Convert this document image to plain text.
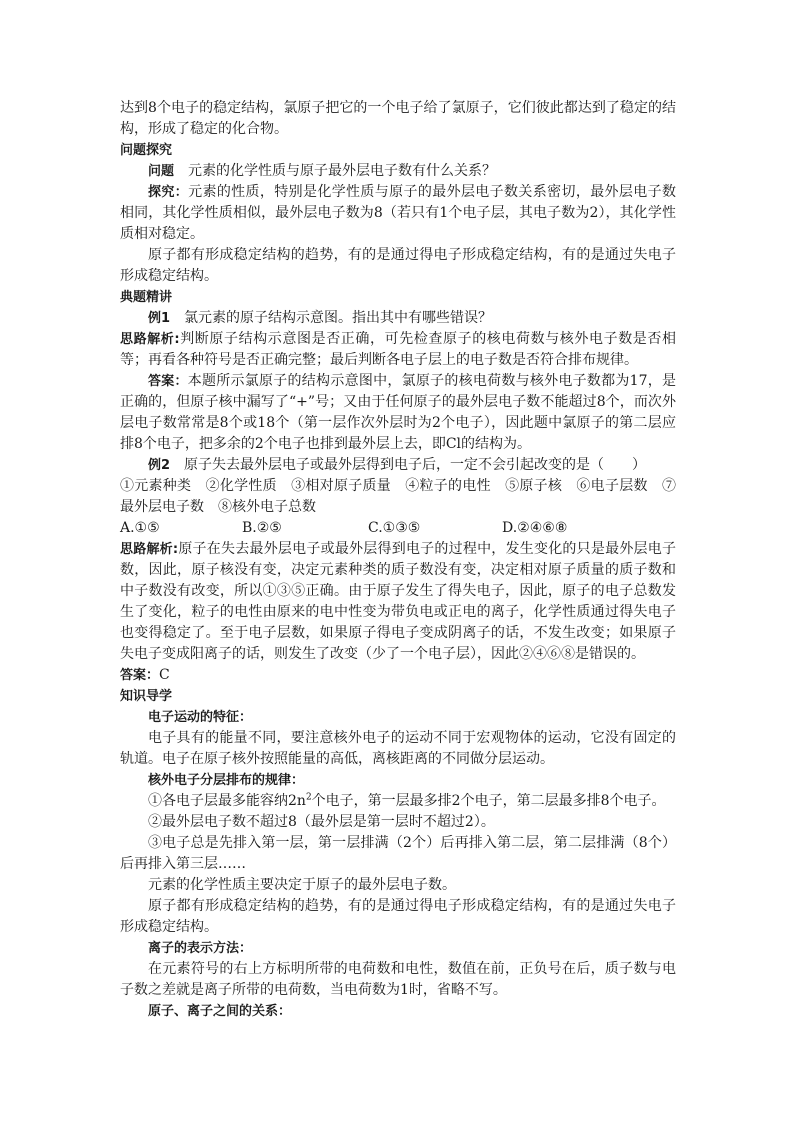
达到8个电子的稳定结构，氯原子把它的一个电子给了氯原子，它们彼此都达到了稳定的结构，形成了稳定的化合物。

问题探究

问题　 元素的化学性质与原子最外层电子数有什么关系？

探究：元素的性质，特别是化学性质与原子的最外层电子数关系密切，最外层电子数相同，其化学性质相似，最外层电子数为8（若只有1个电子层，其电子数为2），其化学性质相对稳定。

原子都有形成稳定结构的趋势，有的是通过得电子形成稳定结构，有的是通过失电子形成稳定结构。

典题精讲

例1　 氯元素的原子结构示意图。指出其中有哪些错误？

思路解析:判断原子结构示意图是否正确，可先检查原子的核电荷数与核外电子数是否相等；再看各种符号是否正确完整；最后判断各电子层上的电子数是否符合排布规律。

答案：本题所示氯原子的结构示意图中，氯原子的核电荷数与核外电子数都为17，是正确的，但原子核中漏写了“+”号；又由于任何原子的最外层电子数不能超过8个，而次外层电子数常常是8个或18个（第一层作次外层时为2个电子），因此题中氯原子的第二层应排8个电子，把多余的2个电子也排到最外层上去，即Cl的结构为。

例2　 原子失去最外层电子或最外层得到电子后，一定不会引起改变的是（　　）

①元素种类　②化学性质　③相对原子质量　④粒子的电性　⑤原子核　⑥电子层数　⑦最外层电子数　⑧核外电子总数

A.①⑤	B.②⑤	C.①③⑤	D.②④⑥⑧

思路解析:原子在失去最外层电子或最外层得到电子的过程中，发生变化的只是最外层电子数，因此，原子核没有变，决定元素种类的质子数没有变，决定相对原子质量的质子数和中子数没有改变，所以①③⑤正确。由于原子发生了得失电子，因此，原子的电子总数发生了变化，粒子的电性由原来的电中性变为带负电或正电的离子，化学性质通过得失电子也变得稳定了。至于电子层数，如果原子得电子变成阴离子的话，不发生改变；如果原子失电子变成阳离子的话，则发生了改变（少了一个电子层），因此②④⑥⑧是错误的。

答案：C

知识导学

电子运动的特征：

电子具有的能量不同，要注意核外电子的运动不同于宏观物体的运动，它没有固定的轨道。电子在原子核外按照能量的高低，离核距离的不同做分层运动。

核外电子分层排布的规律：

①各电子层最多能容纳$2n^2$个电子，第一层最多排2个电子，第二层最多排8个电子。

②最外层电子数不超过8（最外层是第一层时不超过2）。

③电子总是先排入第一层，第一层排满（2个）后再排入第二层，第二层排满（8个）后再排入第三层……

元素的化学性质主要决定于原子的最外层电子数。

原子都有形成稳定结构的趋势，有的是通过得电子形成稳定结构，有的是通过失电子形成稳定结构。

离子的表示方法：

在元素符号的右上方标明所带的电荷数和电性，数值在前，正负号在后，质子数与电子数之差就是离子所带的电荷数，当电荷数为1时，省略不写。

原子、离子之间的关系：
